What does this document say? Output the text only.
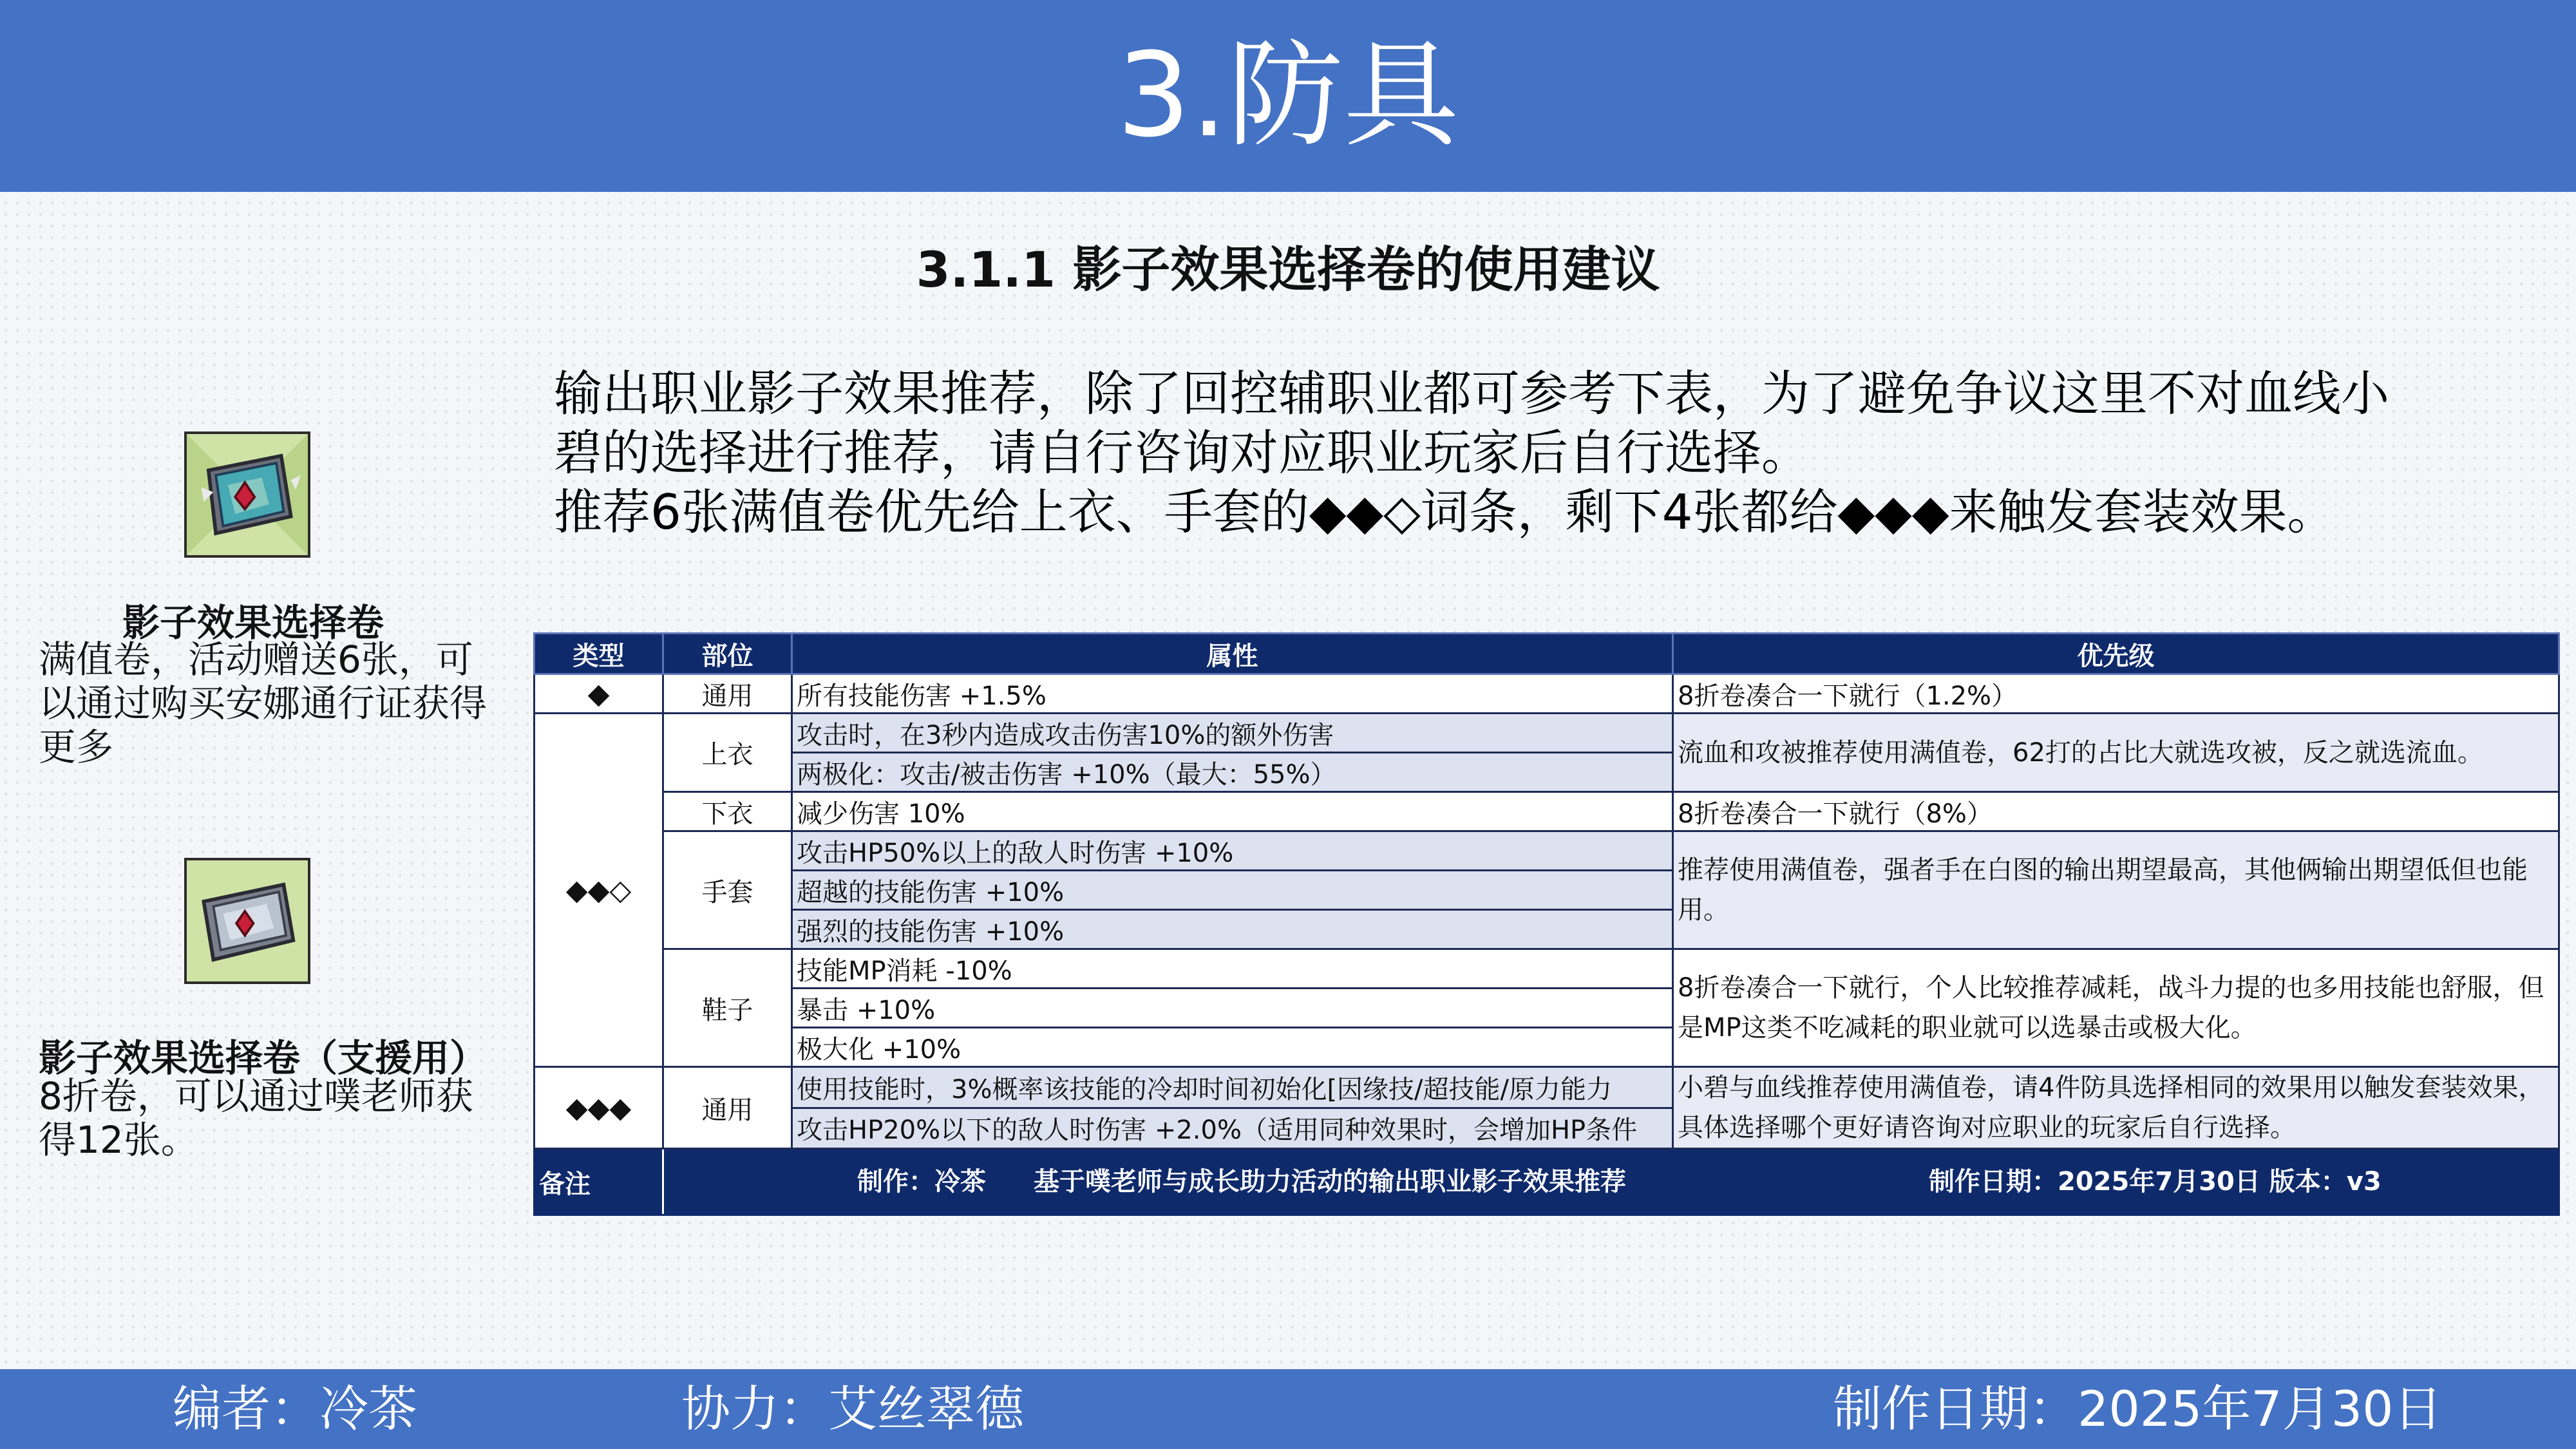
3.防具
3.1.1 影子效果选择卷的使用建议
输出职业影子效果推荐，除了回控辅职业都可参考下表，为了避免争议这里不对血线小
碧的选择进行推荐，请自行咨询对应职业玩家后自行选择。
推荐6张满值卷优先给上衣、手套的◆◆◇词条，剩下4张都给◆◆◆来触发套装效果。
影子效果选择卷
满值卷，活动赠送6张，可以通过购买安娜通行证获得更多
影子效果选择卷（支援用）
8折卷，可以通过噗老师获得12张。
类型	部位	属性	优先级
◆	通用	所有技能伤害 +1.5%	8折卷凑合一下就行（1.2%）
◆◆◇	上衣	攻击时，在3秒内造成攻击伤害10%的额外伤害	流血和攻被推荐使用满值卷，62打的占比大就选攻被，反之就选流血。
		两极化：攻击/被击伤害 +10%（最大：55%）	
	下衣	减少伤害 10%	8折卷凑合一下就行（8%）
	手套	攻击HP50%以上的敌人时伤害 +10%	推荐使用满值卷，强者手在白图的输出期望最高，其他俩输出期望低但也能用。
		超越的技能伤害 +10%	
		强烈的技能伤害 +10%	
	鞋子	技能MP消耗 -10%	8折卷凑合一下就行，个人比较推荐减耗，战斗力提的也多用技能也舒服，但是MP这类不吃减耗的职业就可以选暴击或极大化。
		暴击 +10%	
		极大化 +10%	
◆◆◆	通用	使用技能时，3%概率该技能的冷却时间初始化[因缘技/超技能/原力能力	小碧与血线推荐使用满值卷，请4件防具选择相同的效果用以触发套装效果，具体选择哪个更好请咨询对应职业的玩家后自行选择。
		攻击HP20%以下的敌人时伤害 +2.0%（适用同种效果时，会增加HP条件	
备注	制作：冷茶 基于噗老师与成长助力活动的输出职业影子效果推荐 制作日期：2025年7月30日 版本：v3		
编者：冷茶	协力：艾丝翠德	制作日期：2025年7月30日
